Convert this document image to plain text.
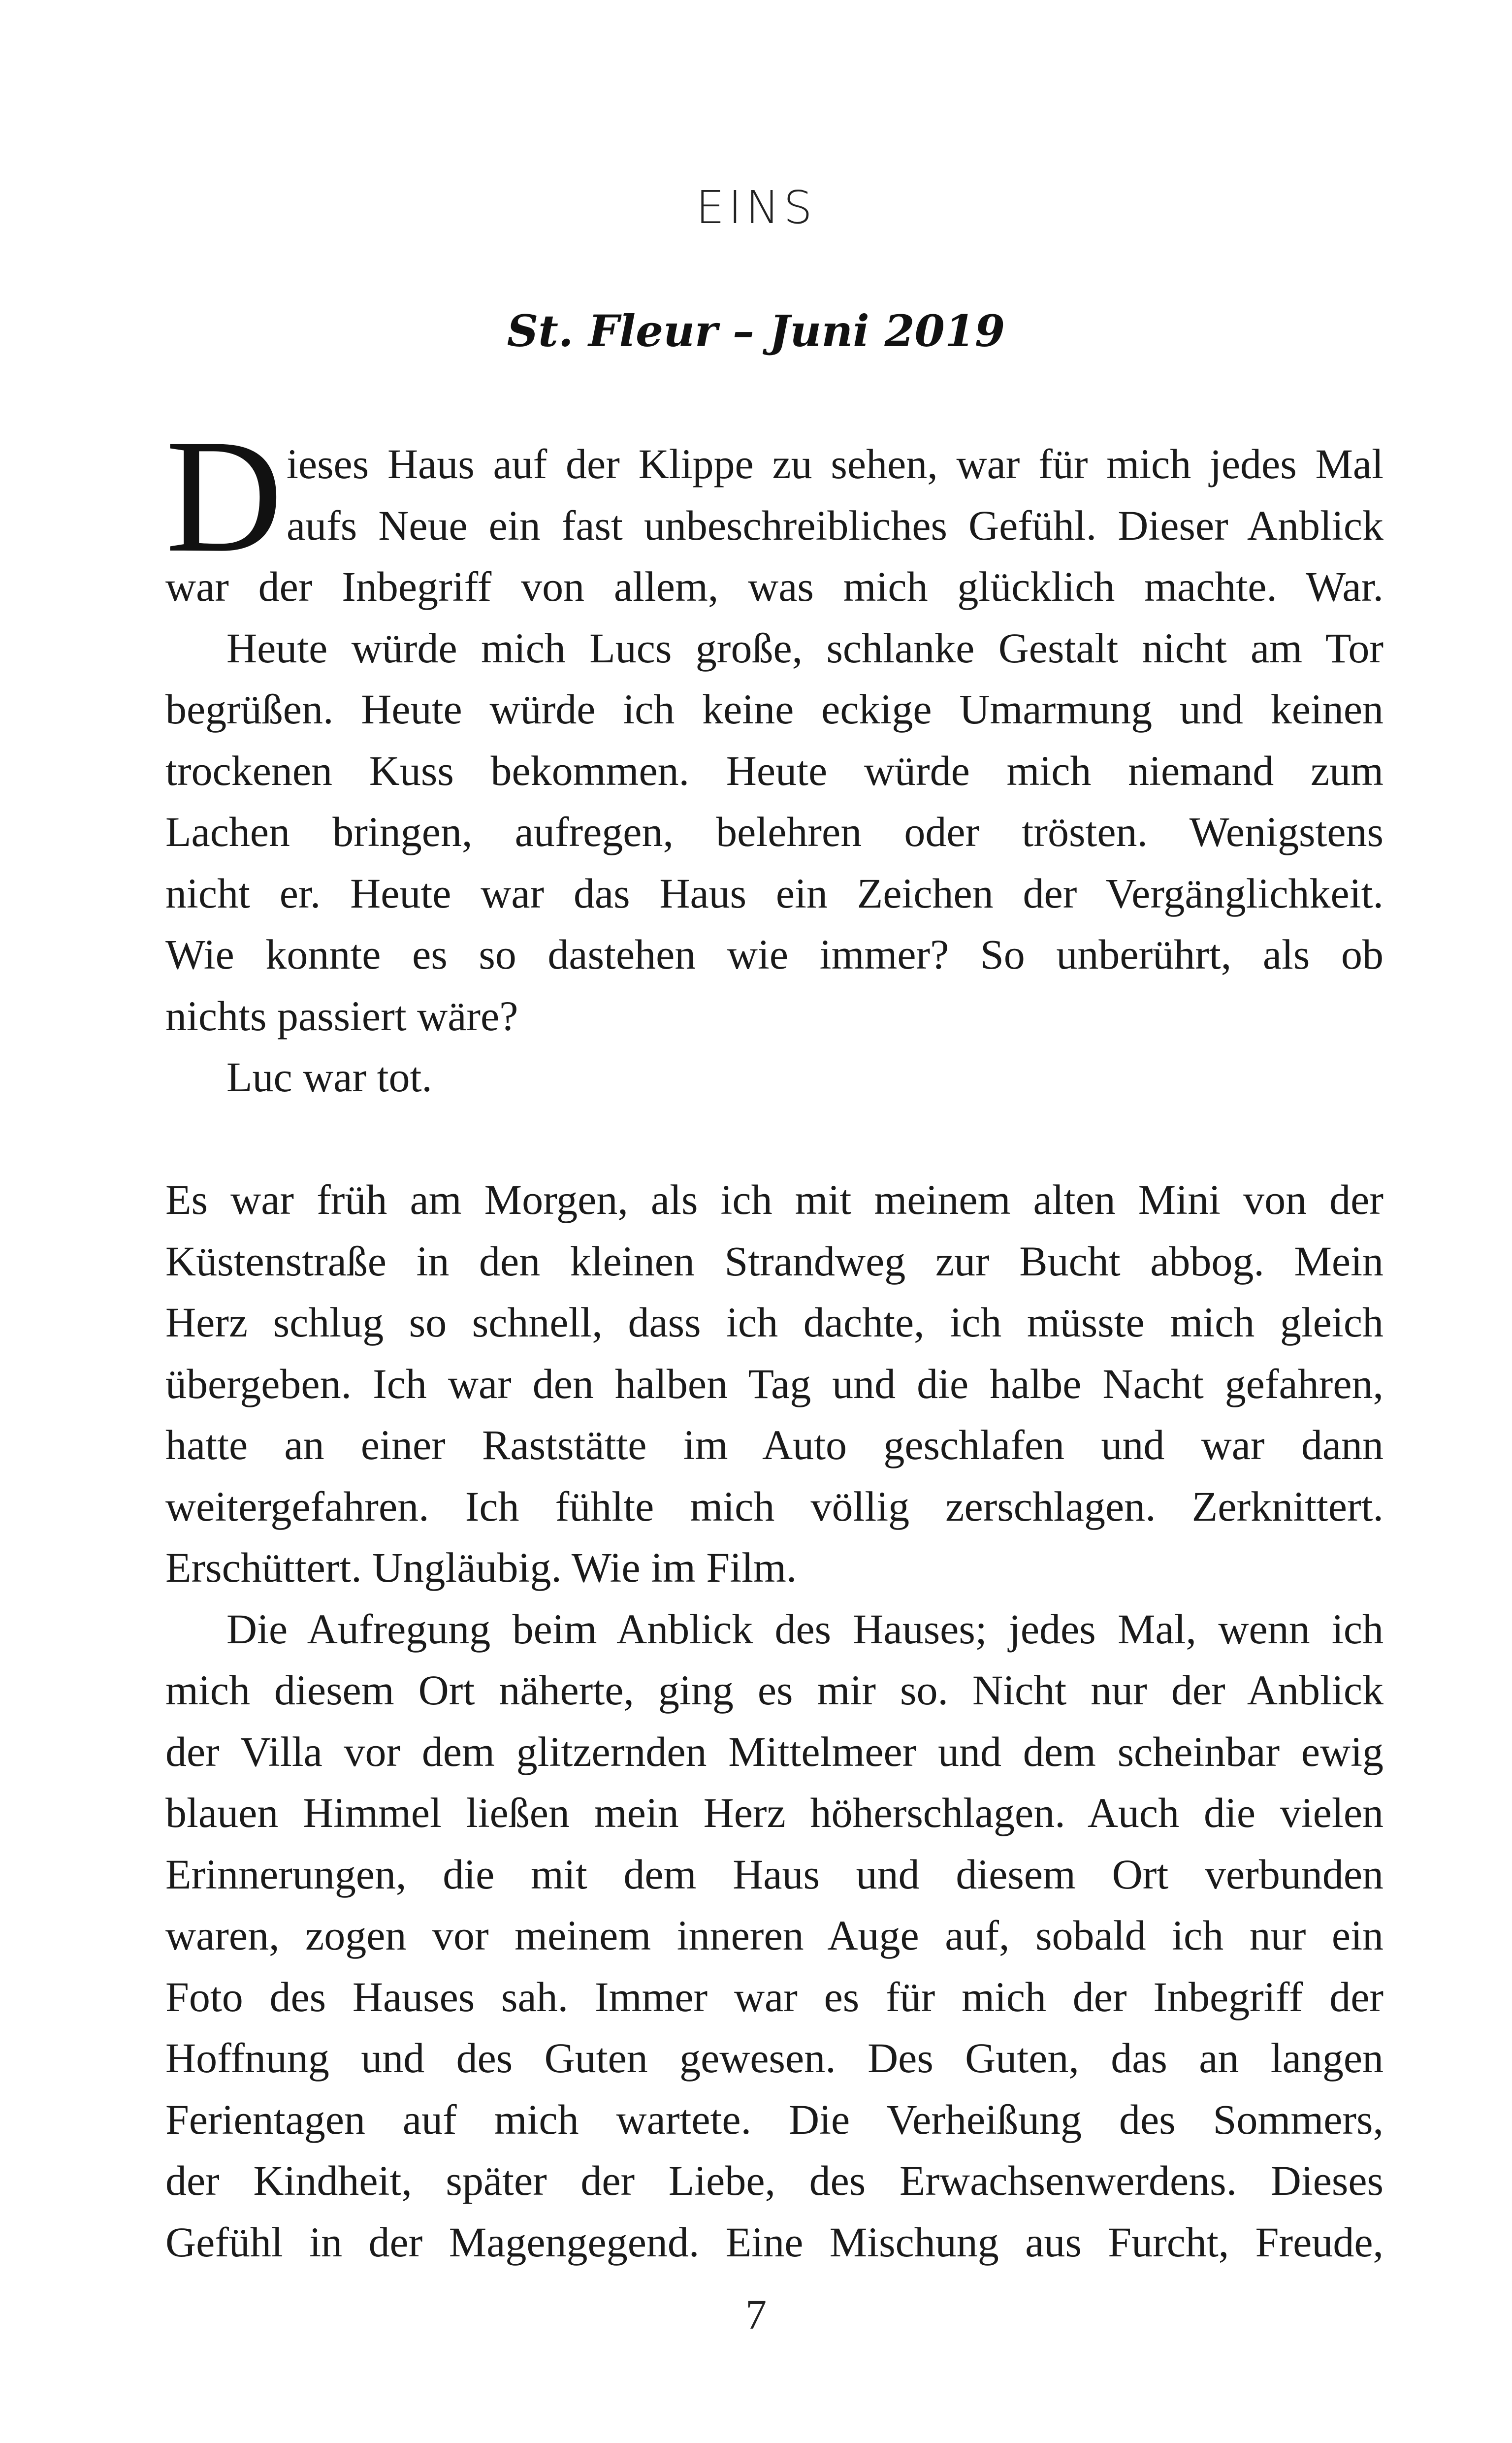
EINS
St. Fleur – Juni 2019
D ieses Haus auf der Klippe zu sehen, war für mich jedes Mal
aufs Neue ein fast unbeschreibliches Gefühl. Dieser Anblick
war der Inbegriff von allem, was mich glücklich machte. War.
Heute würde mich Lucs große, schlanke Gestalt nicht am Tor
begrüßen. Heute würde ich keine eckige Umarmung und keinen
trockenen Kuss bekommen. Heute würde mich niemand zum
Lachen bringen, aufregen, belehren oder trösten. Wenigstens
nicht er. Heute war das Haus ein Zeichen der Vergänglichkeit.
Wie konnte es so dastehen wie immer? So unberührt, als ob
nichts passiert wäre?
Luc war tot.
Es war früh am Morgen, als ich mit meinem alten Mini von der
Küstenstraße in den kleinen Strandweg zur Bucht abbog. Mein
Herz schlug so schnell, dass ich dachte, ich müsste mich gleich
übergeben. Ich war den halben Tag und die halbe Nacht gefahren,
hatte an einer Raststätte im Auto geschlafen und war dann
weitergefahren. Ich fühlte mich völlig zerschlagen. Zerknittert.
Erschüttert. Ungläubig. Wie im Film.
Die Aufregung beim Anblick des Hauses; jedes Mal, wenn ich
mich diesem Ort näherte, ging es mir so. Nicht nur der Anblick
der Villa vor dem glitzernden Mittelmeer und dem scheinbar ewig
blauen Himmel ließen mein Herz höherschlagen. Auch die vielen
Erinnerungen, die mit dem Haus und diesem Ort verbunden
waren, zogen vor meinem inneren Auge auf, sobald ich nur ein
Foto des Hauses sah. Immer war es für mich der Inbegriff der
Hoffnung und des Guten gewesen. Des Guten, das an langen
Ferientagen auf mich wartete. Die Verheißung des Sommers,
der Kindheit, später der Liebe, des Erwachsenwerdens. Dieses
Gefühl in der Magengegend. Eine Mischung aus Furcht, Freude,
7
